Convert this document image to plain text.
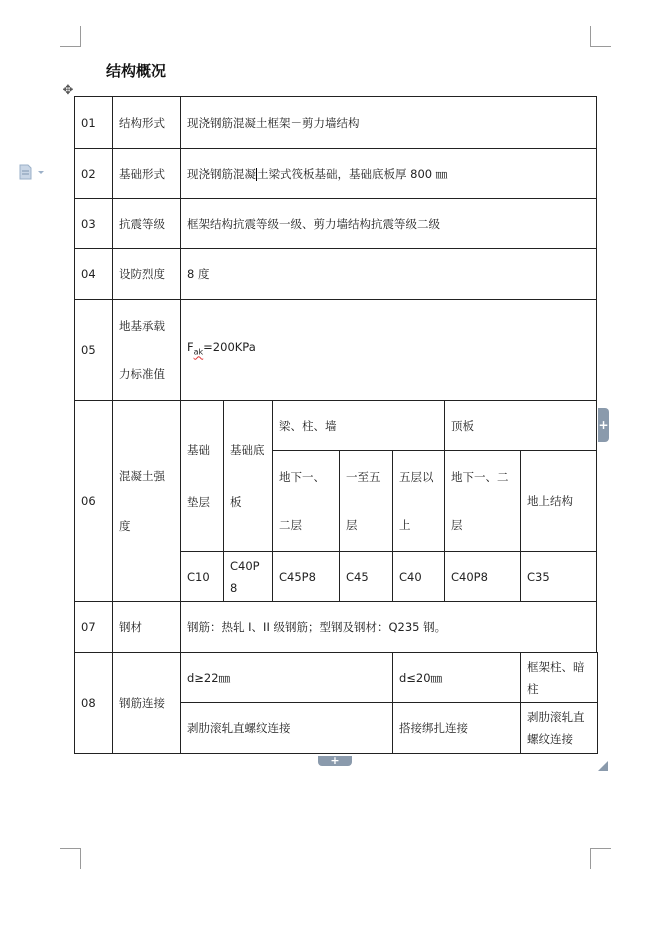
结构概况
✥
01	结构形式	现浇钢筋混凝土框架－剪力墙结构						
02	基础形式	现浇钢筋混凝土梁式筏板基础，基础底板厚 800 ㎜						
03	抗震等级	框架结构抗震等级一级、剪力墙结构抗震等级二级						
04	设防烈度	8 度						
05	地基承载力标准值	$F_{ak}=200KPa$						
06	混凝土强度	基础垫层	基础底板	梁、柱、墙			顶板	
				地下一、二层	一至五层	五层以上	地下一、二层	地上结构
		C10	C40P8	C45P8	C45	C40	C40P8	C35
07	钢材	钢筋：热轧 I、II 级钢筋；型钢及钢材：Q235 钢。						
08	钢筋连接	d≥22㎜				d≤20㎜		框架柱、暗柱
		剥肋滚轧直螺纹连接				搭接绑扎连接		剥肋滚轧直螺纹连接
+
+
